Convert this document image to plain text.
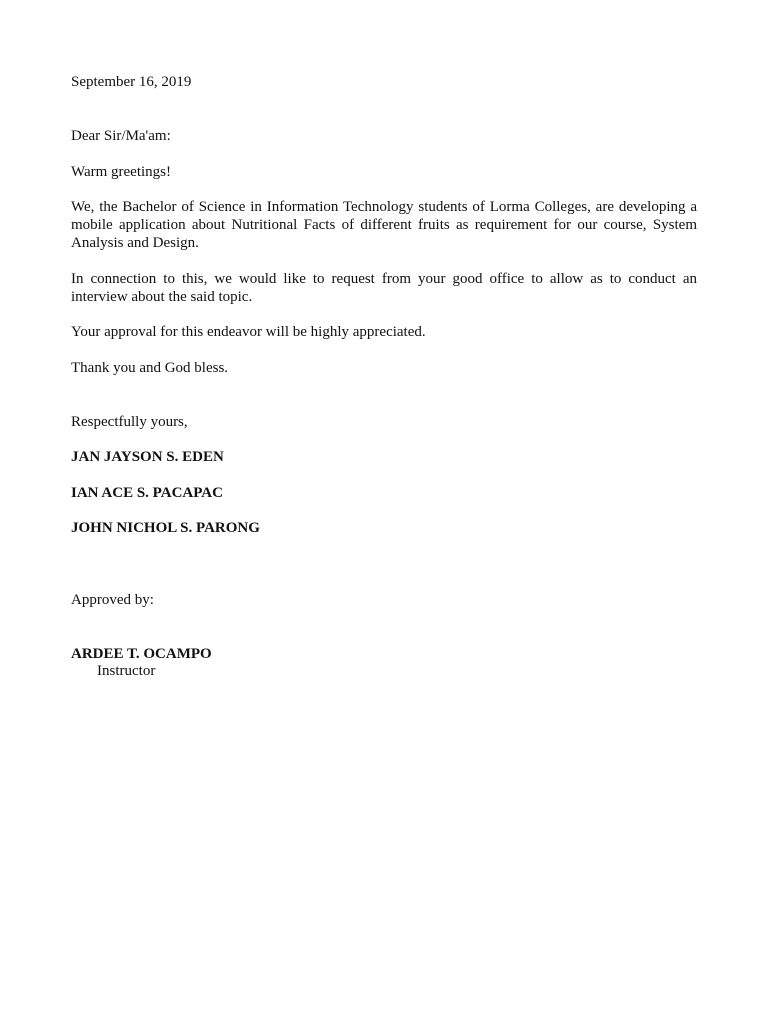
September 16, 2019
Dear Sir/Ma'am:
Warm greetings!
We, the Bachelor of Science in Information Technology students of Lorma Colleges, are developing a mobile application about Nutritional Facts of different fruits as requirement for our course, System Analysis and Design.
In connection to this, we would like to request from your good office to allow as to conduct an interview about the said topic.
Your approval for this endeavor will be highly appreciated.
Thank you and God bless.
Respectfully yours,
JAN JAYSON S. EDEN
IAN ACE S. PACAPAC
JOHN NICHOL S. PARONG
Approved by:
ARDEE T. OCAMPO
Instructor
